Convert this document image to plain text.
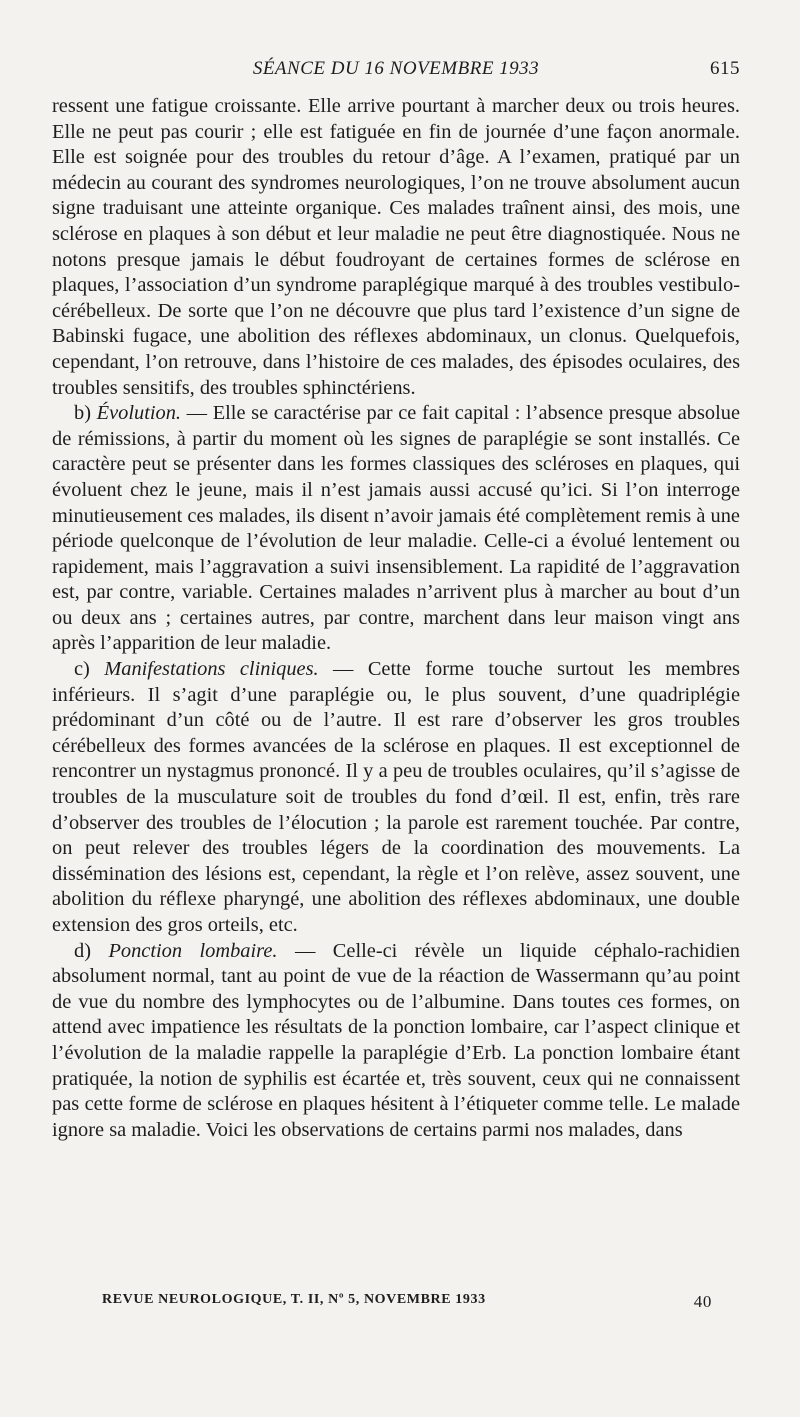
SÉANCE DU 16 NOVEMBRE 1933	615

ressent une fatigue croissante. Elle arrive pourtant à marcher deux ou trois heures. Elle ne peut pas courir ; elle est fatiguée en fin de journée d’une façon anormale. Elle est soignée pour des troubles du retour d’âge. A l’examen, pratiqué par un médecin au courant des syndromes neurologiques, l’on ne trouve absolument aucun signe traduisant une atteinte organique. Ces malades traînent ainsi, des mois, une sclérose en plaques à son début et leur maladie ne peut être diagnostiquée. Nous ne notons presque jamais le début foudroyant de certaines formes de sclérose en plaques, l’association d’un syndrome paraplégique marqué à des troubles vestibulo-cérébelleux. De sorte que l’on ne découvre que plus tard l’existence d’un signe de Babinski fugace, une abolition des réflexes abdominaux, un clonus. Quelquefois, cependant, l’on retrouve, dans l’histoire de ces malades, des épisodes oculaires, des troubles sensitifs, des troubles sphinctériens.

b) Évolution. — Elle se caractérise par ce fait capital : l’absence presque absolue de rémissions, à partir du moment où les signes de paraplégie se sont installés. Ce caractère peut se présenter dans les formes classiques des scléroses en plaques, qui évoluent chez le jeune, mais il n’est jamais aussi accusé qu’ici. Si l’on interroge minutieusement ces malades, ils disent n’avoir jamais été complètement remis à une période quelconque de l’évolution de leur maladie. Celle-ci a évolué lentement ou rapidement, mais l’aggravation a suivi insensiblement. La rapidité de l’aggravation est, par contre, variable. Certaines malades n’arrivent plus à marcher au bout d’un ou deux ans ; certaines autres, par contre, marchent dans leur maison vingt ans après l’apparition de leur maladie.

c) Manifestations cliniques. — Cette forme touche surtout les membres inférieurs. Il s’agit d’une paraplégie ou, le plus souvent, d’une quadriplégie prédominant d’un côté ou de l’autre. Il est rare d’observer les gros troubles cérébelleux des formes avancées de la sclérose en plaques. Il est exceptionnel de rencontrer un nystagmus prononcé. Il y a peu de troubles oculaires, qu’il s’agisse de troubles de la musculature soit de troubles du fond d’œil. Il est, enfin, très rare d’observer des troubles de l’élocution ; la parole est rarement touchée. Par contre, on peut relever des troubles légers de la coordination des mouvements. La dissémination des lésions est, cependant, la règle et l’on relève, assez souvent, une abolition du réflexe pharyngé, une abolition des réflexes abdominaux, une double extension des gros orteils, etc.

d) Ponction lombaire. — Celle-ci révèle un liquide céphalo-rachidien absolument normal, tant au point de vue de la réaction de Wassermann qu’au point de vue du nombre des lymphocytes ou de l’albumine. Dans toutes ces formes, on attend avec impatience les résultats de la ponction lombaire, car l’aspect clinique et l’évolution de la maladie rappelle la paraplégie d’Erb. La ponction lombaire étant pratiquée, la notion de syphilis est écartée et, très souvent, ceux qui ne connaissent pas cette forme de sclérose en plaques hésitent à l’étiqueter comme telle. Le malade ignore sa maladie. Voici les observations de certains parmi nos malades, dans

REVUE NEUROLOGIQUE, T. II, Nº 5, NOVEMBRE 1933	40
